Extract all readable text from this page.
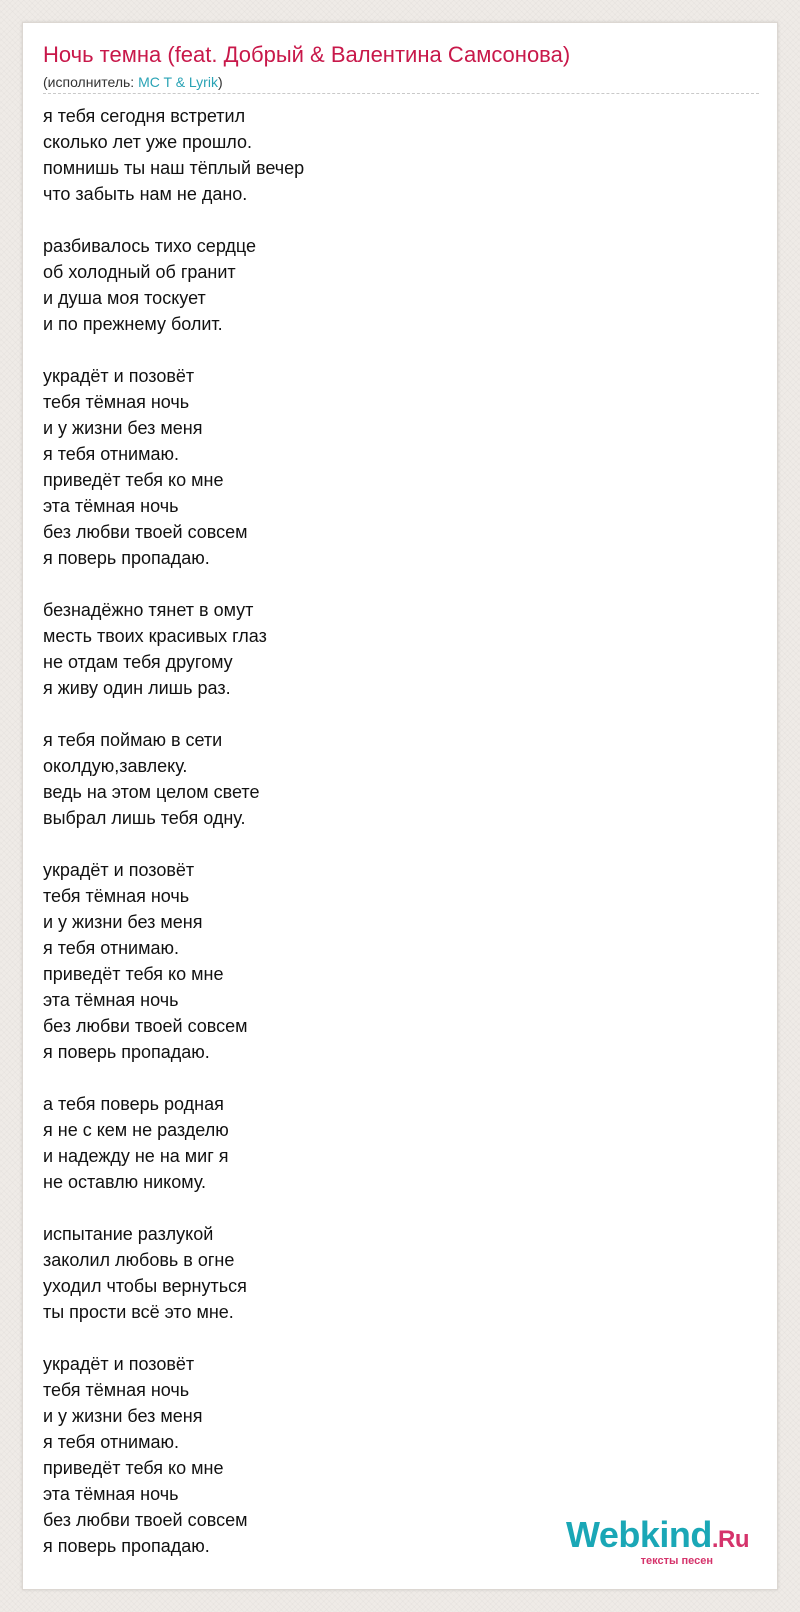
Ночь темна (feat. Добрый & Валентина Самсонова)
(исполнитель: MC T & Lyrik)
я тебя сегодня встретил
сколько лет уже прошло.
помнишь ты наш тёплый вечер
что забыть нам не дано.
разбивалось тихо сердце
об холодный об гранит
и душа моя тоскует
и по прежнему болит.
украдёт и позовёт
тебя тёмная ночь
и у жизни без меня
я тебя отнимаю.
приведёт тебя ко мне
эта тёмная ночь
без любви твоей совсем
я поверь пропадаю.
безнадёжно тянет в омут
месть твоих красивых глаз
не отдам тебя другому
я живу один лишь раз.
я тебя поймаю в сети
околдую,завлеку.
ведь на этом целом свете
выбрал лишь тебя одну.
украдёт и позовёт
тебя тёмная ночь
и у жизни без меня
я тебя отнимаю.
приведёт тебя ко мне
эта тёмная ночь
без любви твоей совсем
я поверь пропадаю.
а тебя поверь родная
я не с кем не разделю
и надежду не на миг я
не оставлю никому.
испытание разлукой
заколил любовь в огне
уходил чтобы вернуться
ты прости всё это мне.
украдёт и позовёт
тебя тёмная ночь
и у жизни без меня
я тебя отнимаю.
приведёт тебя ко мне
эта тёмная ночь
без любви твоей совсем
я поверь пропадаю.	Webkind.Ru
тексты песен
